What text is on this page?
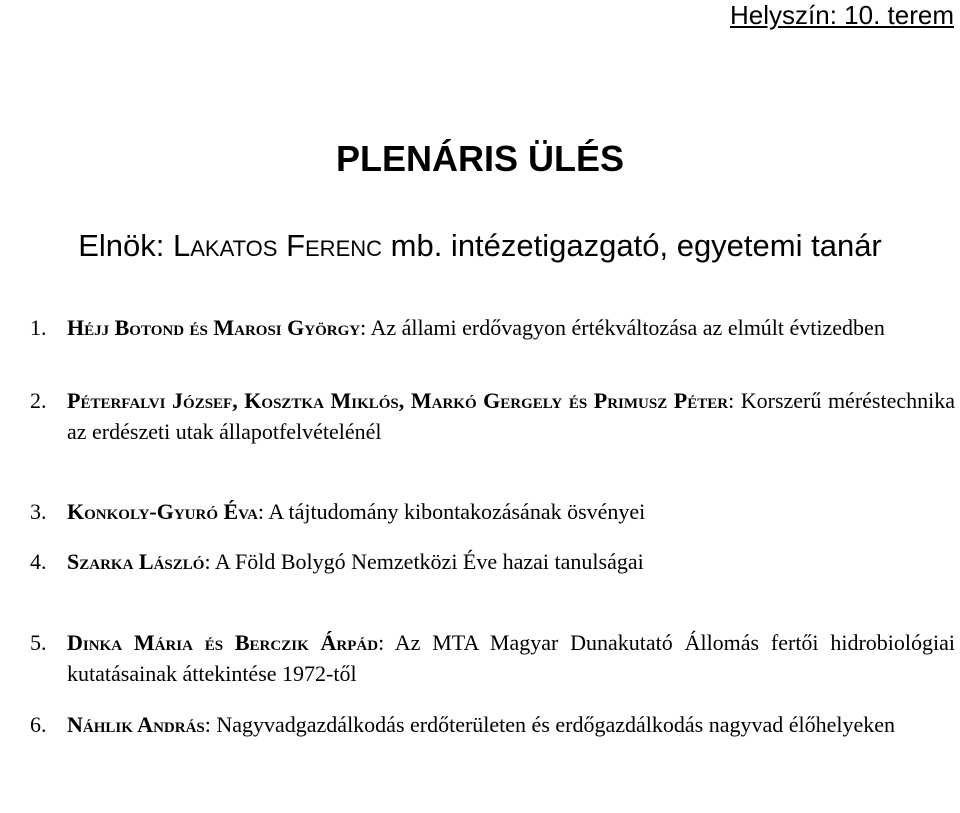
Helyszín: 10. terem
PLENÁRIS ÜLÉS
Elnök: Lakatos Ferenc mb. intézetigazgató, egyetemi tanár
1. Héjj Botond és Marosi György: Az állami erdővagyon értékváltozása az elmúlt évtizedben
2. Péterfalvi József, Kosztka Miklós, Markó Gergely és Primusz Péter: Korszerű méréstechnika az erdészeti utak állapotfelvételénél
3. Konkoly-Gyuró Éva: A tájtudomány kibontakozásának ösvényei
4. Szarka László: A Föld Bolygó Nemzetközi Éve hazai tanulságai
5. Dinka Mária és Berczik Árpád: Az MTA Magyar Dunakutató Állomás fertői hidrobiológiai kutatásainak áttekintése 1972-től
6. Náhlik András: Nagyvadgazdálkodás erdőterületen és erdőgazdálkodás nagyvad élőhelyeken
